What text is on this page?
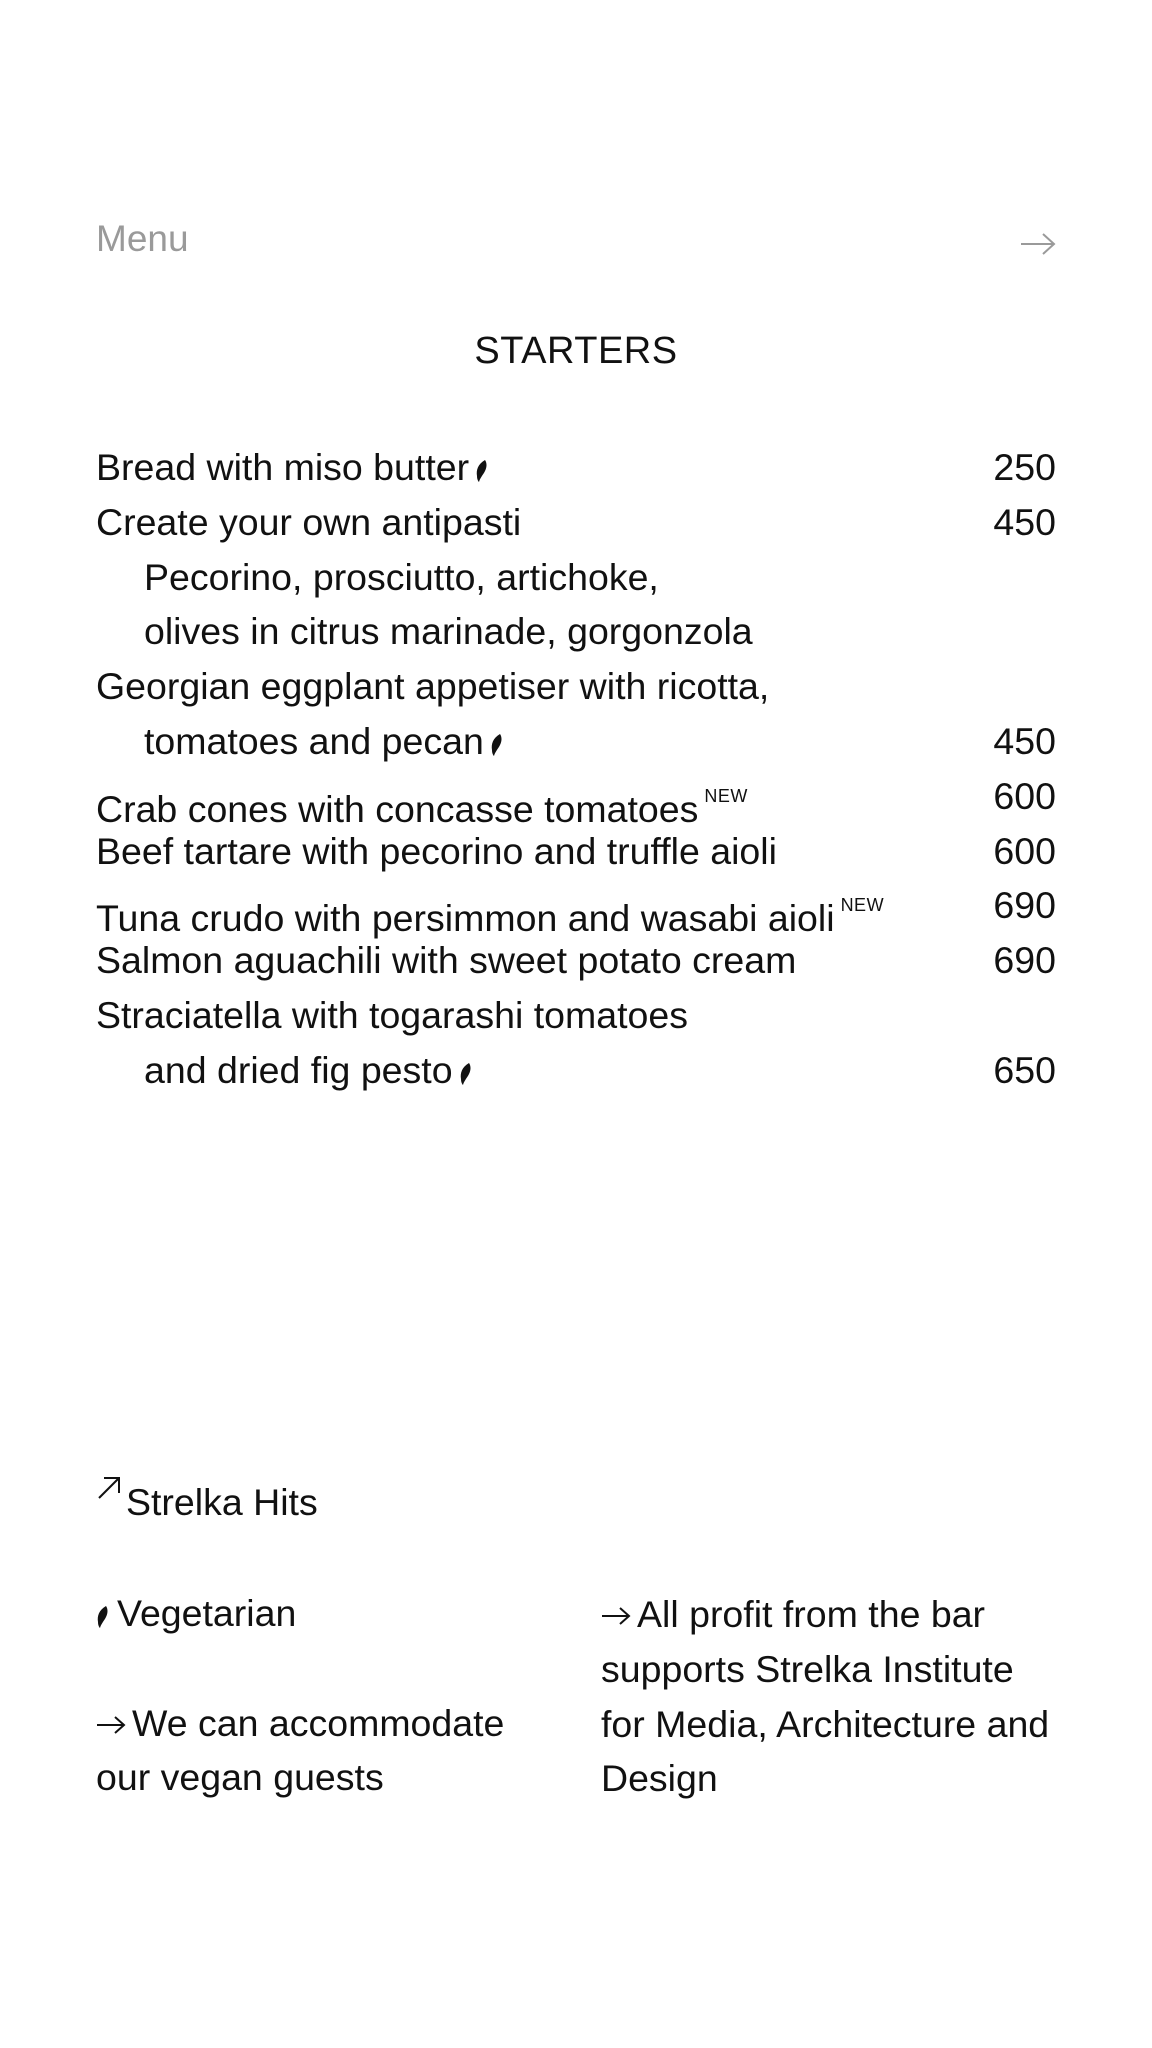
Menu
STARTERS
Bread with miso butter	250
Create your own antipasti	450
Pecorino, prosciutto, artichoke,
olives in citrus marinade, gorgonzola
Georgian eggplant appetiser with ricotta,
tomatoes and pecan	450
Crab cones with concasse tomatoes $^{NEW}$	600
Beef tartare with pecorino and truffle aioli	600
Tuna crudo with persimmon and wasabi aioli $^{NEW}$	690
Salmon aguachili with sweet potato cream	690
Straciatella with togarashi tomatoes
and dried fig pesto	650
Strelka Hits
Vegetarian
We can accommodate our vegan guests
All profit from the bar supports Strelka Institute for Media, Architecture and Design
